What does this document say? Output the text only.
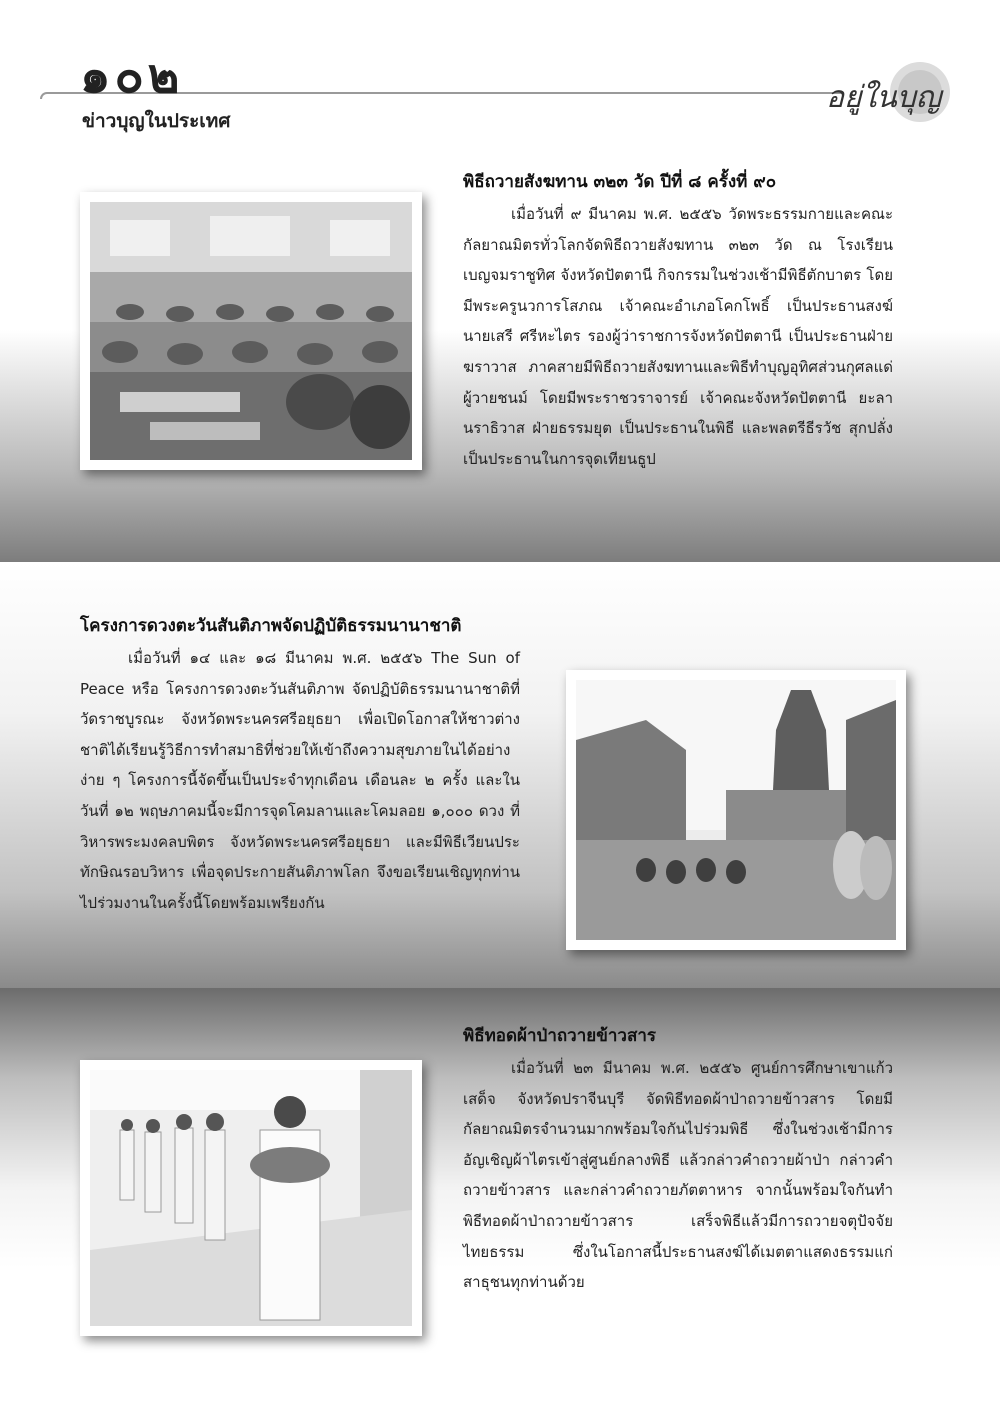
๑๐๒
ข่าวบุญในประเทศ
อยู่ในบุญ
พิธีถวายสังฆทาน ๓๒๓ วัด ปีที่ ๘ ครั้งที่ ๙๐

เมื่อวันที่ ๙ มีนาคม พ.ศ. ๒๕๕๖ วัดพระธรรมกายและคณะกัลยาณมิตรทั่วโลกจัดพิธีถวายสังฆทาน ๓๒๓ วัด ณ โรงเรียนเบญจมราชูทิศ จังหวัดปัตตานี กิจกรรมในช่วงเช้ามีพิธีตักบาตร โดยมีพระครูนวการโสภณ เจ้าคณะอำเภอโคกโพธิ์ เป็นประธานสงฆ์ นายเสรี ศรีหะไตร รองผู้ว่าราชการจังหวัดปัตตานี เป็นประธานฝ่ายฆราวาส ภาคสายมีพิธีถวายสังฆทานและพิธีทำบุญอุทิศส่วนกุศลแด่ผู้วายชนม์ โดยมีพระราชวราจารย์ เจ้าคณะจังหวัดปัตตานี ยะลา นราธิวาส ฝ่ายธรรมยุต เป็นประธานในพิธี และพลตรีธีรวัช สุกปลั่ง เป็นประธานในการจุดเทียนธูป

โครงการดวงตะวันสันติภาพจัดปฏิบัติธรรมนานาชาติ

เมื่อวันที่ ๑๔ และ ๑๘ มีนาคม พ.ศ. ๒๕๕๖ The Sun of Peace หรือ โครงการดวงตะวันสันติภาพ จัดปฏิบัติธรรมนานาชาติที่วัดราชบูรณะ จังหวัดพระนครศรีอยุธยา เพื่อเปิดโอกาสให้ชาวต่างชาติได้เรียนรู้วิธีการทำสมาธิที่ช่วยให้เข้าถึงความสุขภายในได้อย่างง่าย ๆ โครงการนี้จัดขึ้นเป็นประจำทุกเดือน เดือนละ ๒ ครั้ง และในวันที่ ๑๒ พฤษภาคมนี้จะมีการจุดโคมลานและโคมลอย ๑,๐๐๐ ดวง ที่วิหารพระมงคลบพิตร จังหวัดพระนครศรีอยุธยา และมีพิธีเวียนประทักษิณรอบวิหาร เพื่อจุดประกายสันติภาพโลก จึงขอเรียนเชิญทุกท่านไปร่วมงานในครั้งนี้โดยพร้อมเพรียงกัน

พิธีทอดผ้าป่าถวายข้าวสาร

เมื่อวันที่ ๒๓ มีนาคม พ.ศ. ๒๕๕๖ ศูนย์การศึกษาเขาแก้วเสด็จ จังหวัดปราจีนบุรี จัดพิธีทอดผ้าป่าถวายข้าวสาร โดยมีกัลยาณมิตรจำนวนมากพร้อมใจกันไปร่วมพิธี ซึ่งในช่วงเช้ามีการอัญเชิญผ้าไตรเข้าสู่ศูนย์กลางพิธี แล้วกล่าวคำถวายผ้าป่า กล่าวคำถวายข้าวสาร และกล่าวคำถวายภัตตาหาร จากนั้นพร้อมใจกันทำพิธีทอดผ้าป่าถวายข้าวสาร เสร็จพิธีแล้วมีการถวายจตุปัจจัยไทยธรรม ซึ่งในโอกาสนี้ประธานสงฆ์ได้เมตตาแสดงธรรมแก่สาธุชนทุกท่านด้วย
